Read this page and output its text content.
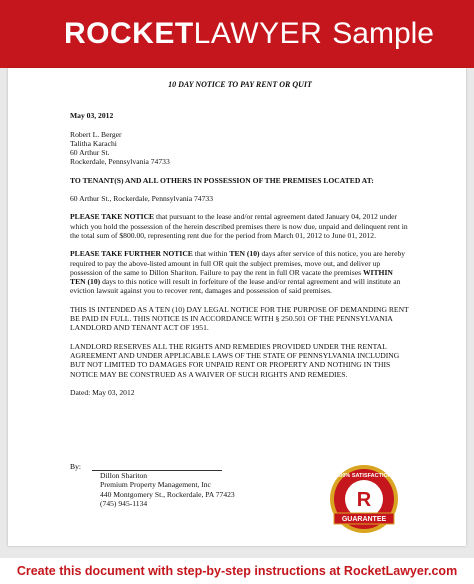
ROCKET LAWYER Sample

10 DAY NOTICE TO PAY RENT OR QUIT

May 03, 2012

Robert L. Berger
Talitha Karachi
60 Arthur St.
Rockerdale, Pennsylvania 74733

TO TENANT(S) AND ALL OTHERS IN POSSESSION OF THE PREMISES LOCATED AT:

60 Arthur St., Rockerdale, Pennsylvania 74733

PLEASE TAKE NOTICE that pursuant to the lease and/or rental agreement dated January 04, 2012 under which you hold the possession of the herein described premises there is now due, unpaid and delinquent rent in the total sum of $800.00, representing rent due for the period from March 01, 2012 to June 01, 2012.

PLEASE TAKE FURTHER NOTICE that within TEN (10) days after service of this notice, you are hereby required to pay the above-listed amount in full OR quit the subject premises, move out, and deliver up possession of the same to Dillon Shariton. Failure to pay the rent in full OR vacate the premises WITHIN TEN (10) days to this notice will result in forfeiture of the lease and/or rental agreement and will institute an eviction lawsuit against you to recover rent, damages and possession of said premises.

THIS IS INTENDED AS A TEN (10) DAY LEGAL NOTICE FOR THE PURPOSE OF DEMANDING RENT BE PAID IN FULL. THIS NOTICE IS IN ACCORDANCE WITH § 250.501 OF THE PENNSYLVANIA LANDLORD AND TENANT ACT OF 1951.

LANDLORD RESERVES ALL THE RIGHTS AND REMEDIES PROVIDED UNDER THE RENTAL AGREEMENT AND UNDER APPLICABLE LAWS OF THE STATE OF PENNSYLVANIA INCLUDING BUT NOT LIMITED TO DAMAGES FOR UNPAID RENT OR PROPERTY AND NOTHING IN THIS NOTICE MAY BE CONSTRUED AS A WAIVER OF SUCH RIGHTS AND REMEDIES.

Dated: May 03, 2012

By:
Dillon Shariton
Premium Property Management, Inc
440 Montgomery St., Rockerdale, PA 77423
(745) 945-1134	R
100% SATISFACTION
GUARANTEE
Create this document with step-by-step instructions at RocketLawyer.com
